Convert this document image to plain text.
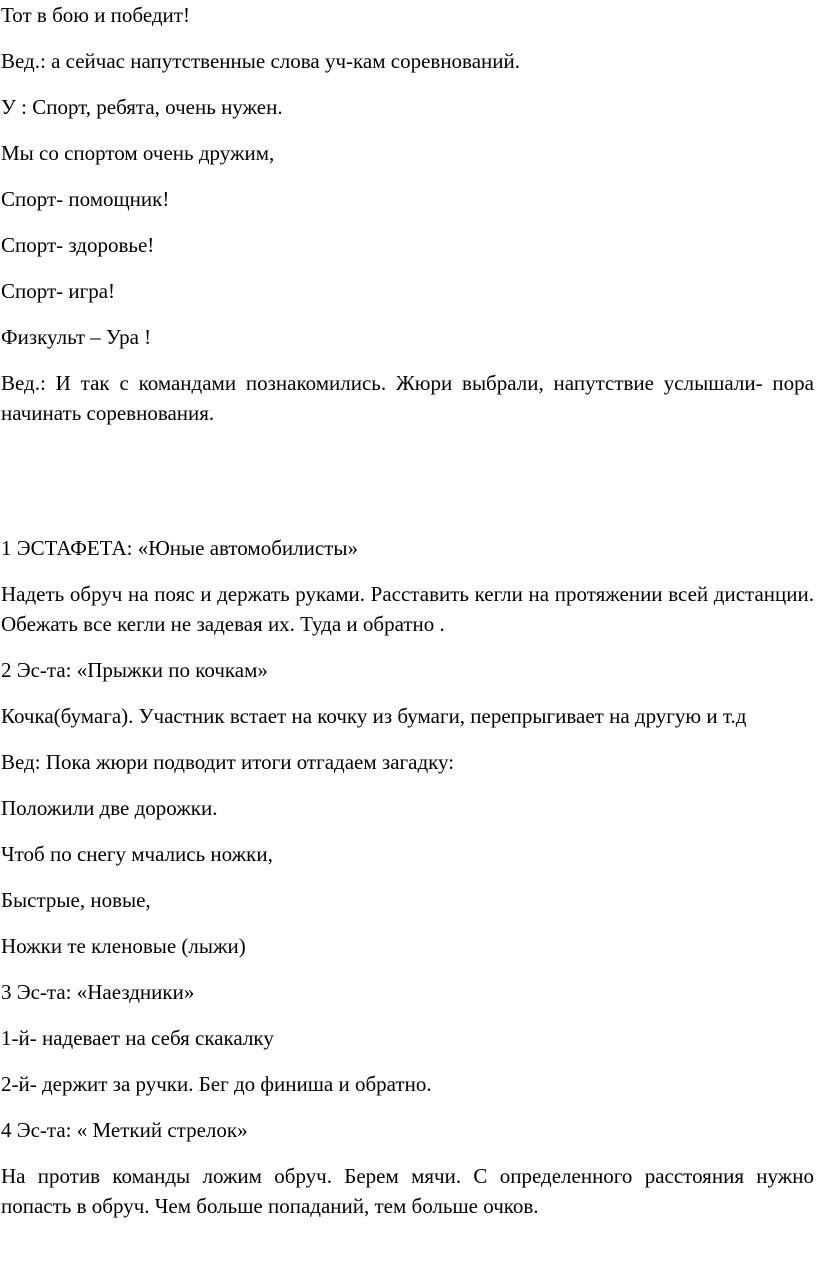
Тот в бою и победит!

Вед.: а сейчас напутственные слова уч-кам соревнований.

У : Спорт, ребята, очень нужен.

Мы со спортом очень дружим,

Спорт- помощник!

Спорт- здоровье!

Спорт- игра!

Физкульт – Ура !

Вед.: И так с командами познакомились. Жюри выбрали, напутствие услышали- пора начинать соревнования.

1 ЭСТАФЕТА: «Юные автомобилисты»

Надеть обруч на пояс и держать руками. Расставить кегли на протяжении всей дистанции. Обежать все кегли не задевая их. Туда и обратно .

2 Эс-та: «Прыжки по кочкам»

Кочка(бумага). Участник встает на кочку из бумаги, перепрыгивает на другую и т.д

Вед: Пока жюри подводит итоги отгадаем загадку:

Положили две дорожки.

Чтоб по снегу мчались ножки,

Быстрые, новые,

Ножки те кленовые (лыжи)

3 Эс-та: «Наездники»

1-й- надевает на себя скакалку

2-й- держит за ручки. Бег до финиша и обратно.

4 Эс-та: « Меткий стрелок»

На против команды ложим обруч. Берем мячи. С определенного расстояния нужно попасть в обруч. Чем больше попаданий, тем больше очков.
